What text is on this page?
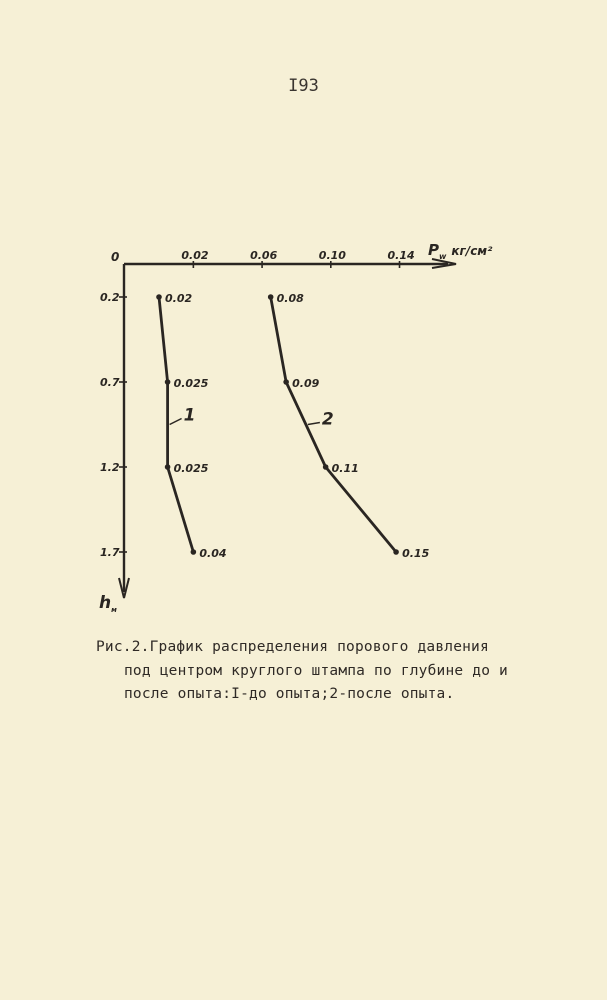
I93
0.02	0.06	0.10	0.14
0.2
0.7
1.2
1.7
0.02
0.025
0.025
0.04
1
0.08
0.09
0.11
0.15
2
0	$P_w$ кг/см²
$h_м$
Рис.2.График распределения порового давления
под центром круглого штампа по глубине до и
после опыта:I-до опыта;2-после опыта.
